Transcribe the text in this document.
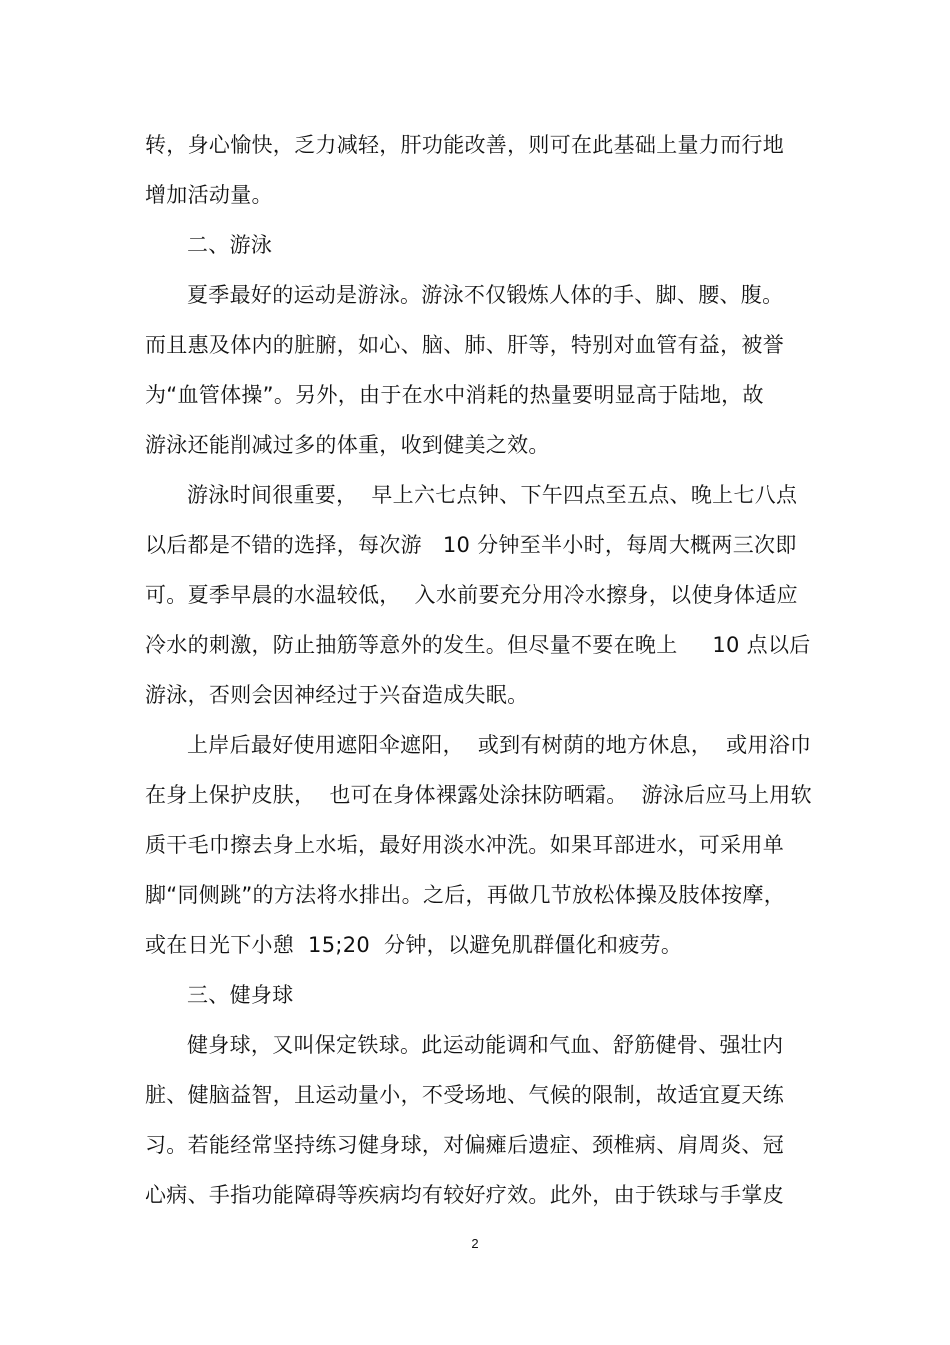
转，身心愉快，乏力减轻，肝功能改善，则可在此基础上量力而行地
增加活动量。
二、游泳
夏季最好的运动是游泳。游泳不仅锻炼人体的手、脚、腰、腹。
而且惠及体内的脏腑，如心、脑、肺、肝等，特别对血管有益，被誉
为“血管体操”。另外，由于在水中消耗的热量要明显高于陆地，故
游泳还能削减过多的体重，收到健美之效。
游泳时间很重要，  早上六七点钟、下午四点至五点、晚上七八点
以后都是不错的选择，每次游   10 分钟至半小时，每周大概两三次即
可。夏季早晨的水温较低，  入水前要充分用冷水擦身，以使身体适应
冷水的刺激，防止抽筋等意外的发生。但尽量不要在晚上     10 点以后
游泳，否则会因神经过于兴奋造成失眠。
上岸后最好使用遮阳伞遮阳，  或到有树荫的地方休息，  或用浴巾
在身上保护皮肤，  也可在身体裸露处涂抹防晒霜。  游泳后应马上用软
质干毛巾擦去身上水垢，最好用淡水冲洗。如果耳部进水，可采用单
脚“同侧跳”的方法将水排出。之后，再做几节放松体操及肢体按摩，
或在日光下小憩  15;20  分钟，以避免肌群僵化和疲劳。
三、健身球
健身球，又叫保定铁球。此运动能调和气血、舒筋健骨、强壮内
脏、健脑益智，且运动量小，不受场地、气候的限制，故适宜夏天练
习。若能经常坚持练习健身球，对偏瘫后遗症、颈椎病、肩周炎、冠
心病、手指功能障碍等疾病均有较好疗效。此外，由于铁球与手掌皮
2
